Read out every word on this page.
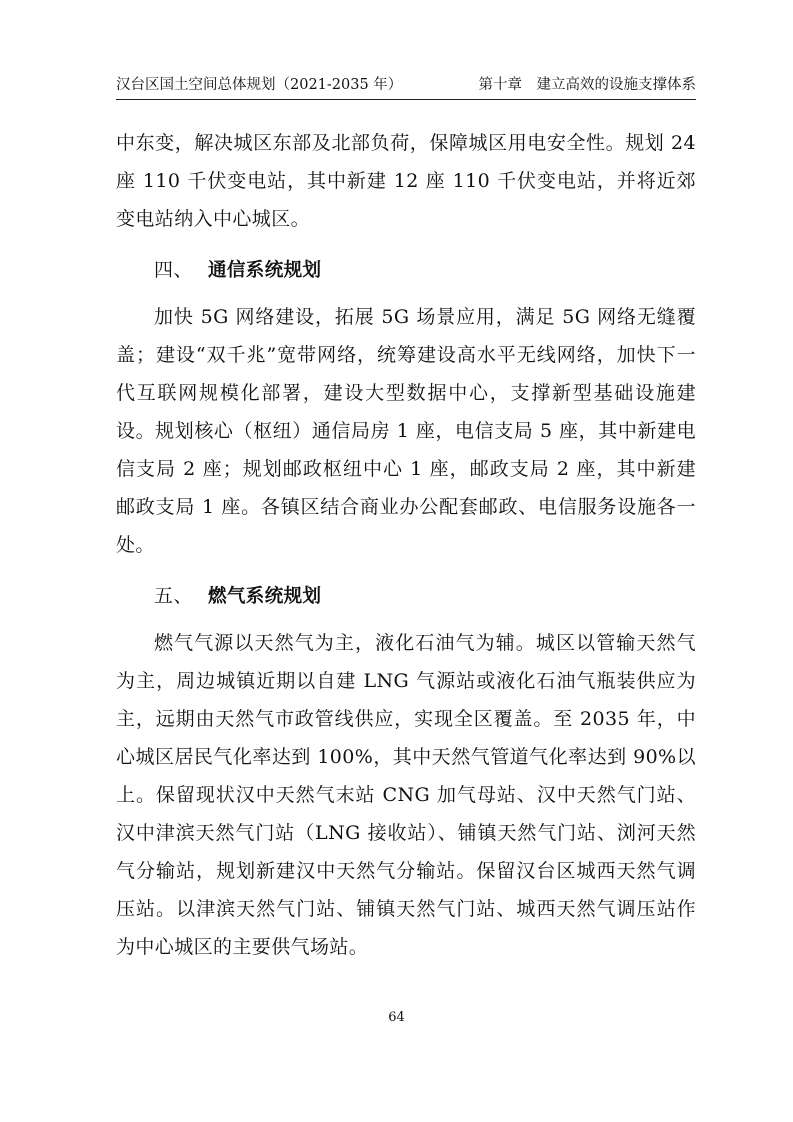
汉台区国土空间总体规划（2021-2035 年）	第十章　建立高效的设施支撑体系

中东变，解决城区东部及北部负荷，保障城区用电安全性。规划 24 座 110 千伏变电站，其中新建 12 座 110 千伏变电站，并将近郊变电站纳入中心城区。

四、 通信系统规划

加快 5G 网络建设，拓展 5G 场景应用，满足 5G 网络无缝覆盖；建设“双千兆”宽带网络，统筹建设高水平无线网络，加快下一代互联网规模化部署，建设大型数据中心，支撑新型基础设施建设。规划核心（枢纽）通信局房 1 座，电信支局 5 座，其中新建电信支局 2 座；规划邮政枢纽中心 1 座，邮政支局 2 座，其中新建邮政支局 1 座。各镇区结合商业办公配套邮政、电信服务设施各一处。

五、 燃气系统规划

燃气气源以天然气为主，液化石油气为辅。城区以管输天然气为主，周边城镇近期以自建 LNG 气源站或液化石油气瓶装供应为主，远期由天然气市政管线供应，实现全区覆盖。至 2035 年，中心城区居民气化率达到 100%，其中天然气管道气化率达到 90%以上。保留现状汉中天然气末站 CNG 加气母站、汉中天然气门站、汉中津滨天然气门站（LNG 接收站）、铺镇天然气门站、浏河天然气分输站，规划新建汉中天然气分输站。保留汉台区城西天然气调压站。以津滨天然气门站、铺镇天然气门站、城西天然气调压站作为中心城区的主要供气场站。

64
